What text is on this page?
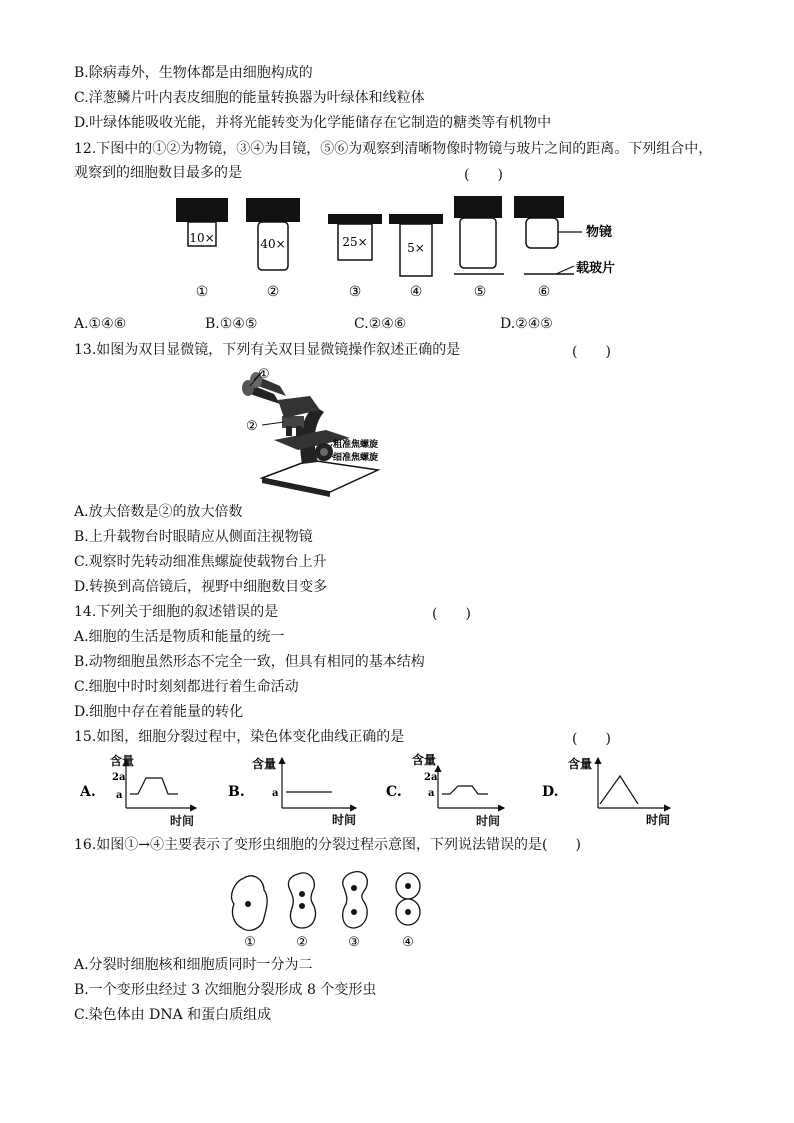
B.除病毒外，生物体都是由细胞构成的
C.洋葱鳞片叶内表皮细胞的能量转换器为叶绿体和线粒体
D.叶绿体能吸收光能，并将光能转变为化学能储存在它制造的糖类等有机物中
12.下图中的①②为物镜，③④为目镜，⑤⑥为观察到清晰物像时物镜与玻片之间的距离。下列组合中，
观察到的细胞数目最多的是	(　　)
10×	40×	25×	5×
物镜
载玻片
①	②	③	④	⑤	⑥
A.①④⑥	B.①④⑤	C.②④⑥	D.②④⑤
13.如图为双目显微镜，下列有关双目显微镜操作叙述正确的是	(　　)
①
②
粗准焦螺旋
细准焦螺旋
A.放大倍数是②的放大倍数
B.上升载物台时眼睛应从侧面注视物镜
C.观察时先转动细准焦螺旋使载物台上升
D.转换到高倍镜后，视野中细胞数目变多
14.下列关于细胞的叙述错误的是	(　　)
A.细胞的生活是物质和能量的统一
B.动物细胞虽然形态不完全一致，但具有相同的基本结构
C.细胞中时时刻刻都进行着生命活动
D.细胞中存在着能量的转化
15.如图，细胞分裂过程中，染色体变化曲线正确的是	(　　)
A.
2a
a	B.
含量
a
时间
C.
含量
2a
a	D.
含量
时间
含量
时间	时间
16.如图①→④主要表示了变形虫细胞的分裂过程示意图，下列说法错误的是(　　)
①	②	③	④
A.分裂时细胞核和细胞质同时一分为二
B.一个变形虫经过 3 次细胞分裂形成 8 个变形虫
C.染色体由 DNA 和蛋白质组成
